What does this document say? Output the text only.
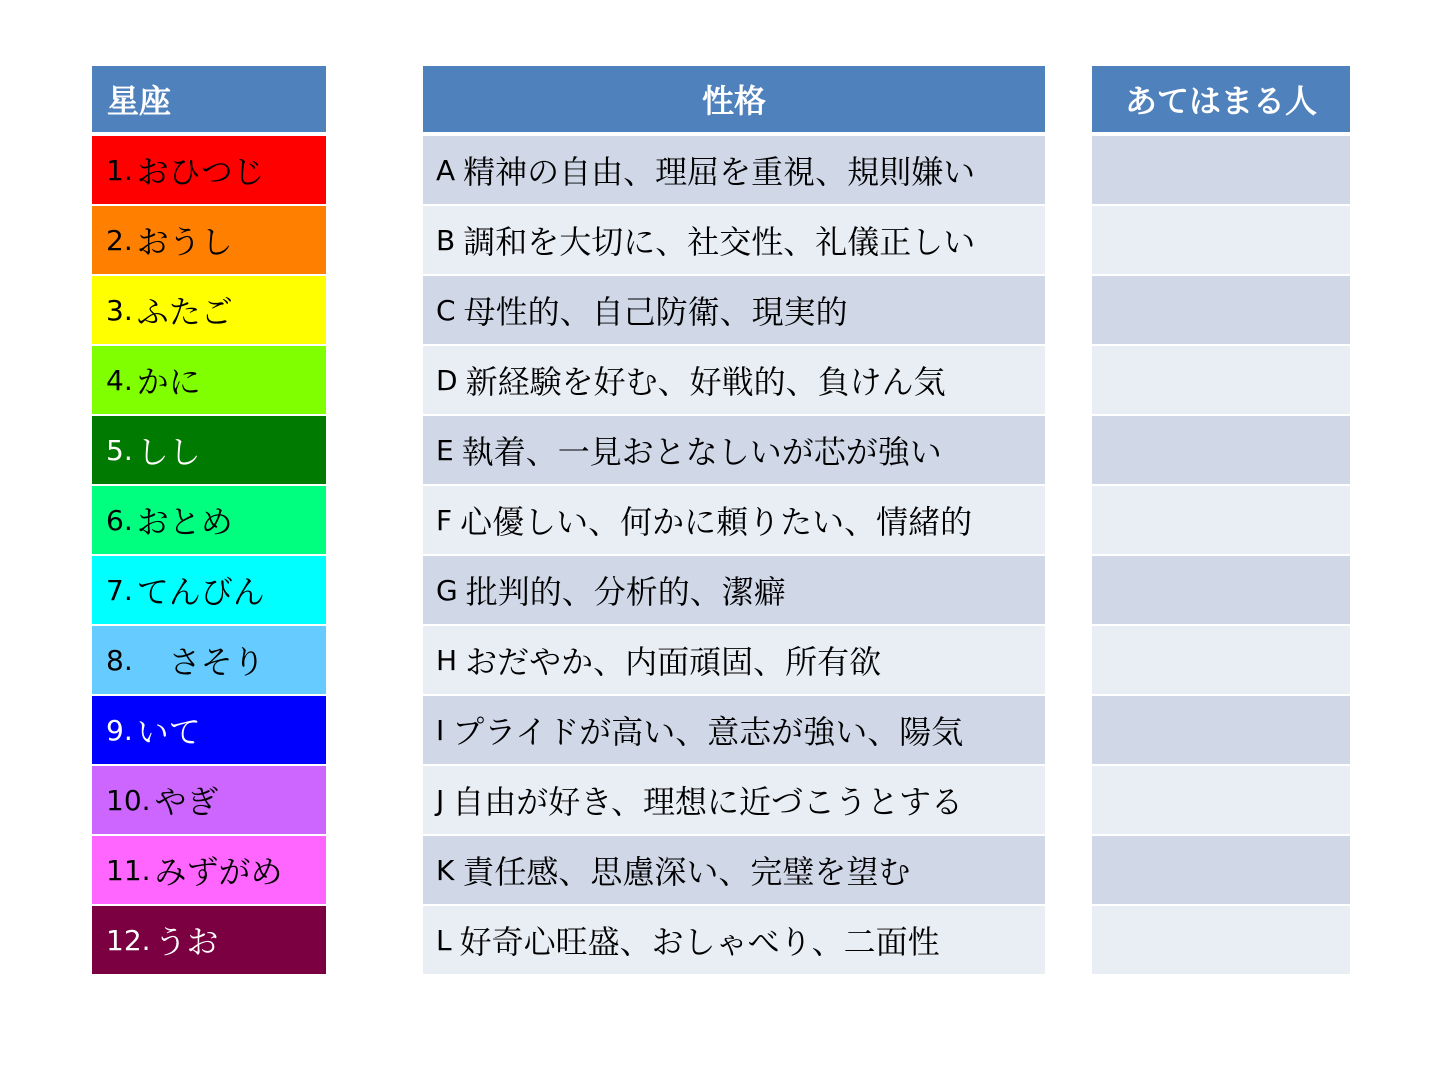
星座
1. おひつじ
2. おうし
3. ふたご
4. かに
5. しし
6. おとめ
7. てんびん
8. 　さそり
9. いて
10. やぎ
11. みずがめ
12. うお
性格
A 精神の自由、理屈を重視、規則嫌い
B 調和を大切に、社交性、礼儀正しい
C 母性的、自己防衛、現実的
D 新経験を好む、好戦的、負けん気
E 執着、一見おとなしいが芯が強い
F 心優しい、何かに頼りたい、情緒的
G 批判的、分析的、潔癖
H おだやか、内面頑固、所有欲
I プライドが高い、意志が強い、陽気
J 自由が好き、理想に近づこうとする
K 責任感、思慮深い、完璧を望む
L 好奇心旺盛、おしゃべり、二面性
あてはまる人
